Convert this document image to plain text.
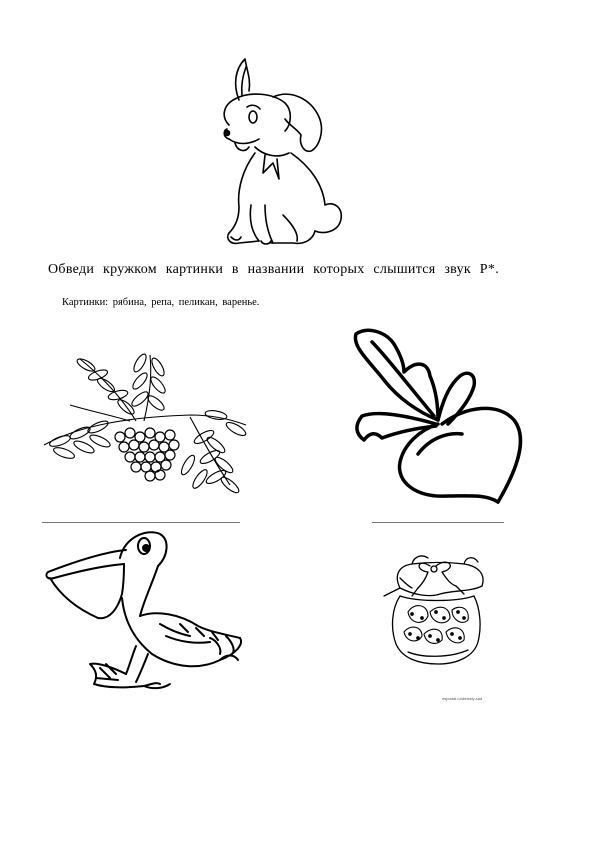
Обведи кружком картинки в названии которых слышится звук Р*.
Картинки: рябина, репа, пеликан, варенье.
nsportal.ru/detskiy-sad
